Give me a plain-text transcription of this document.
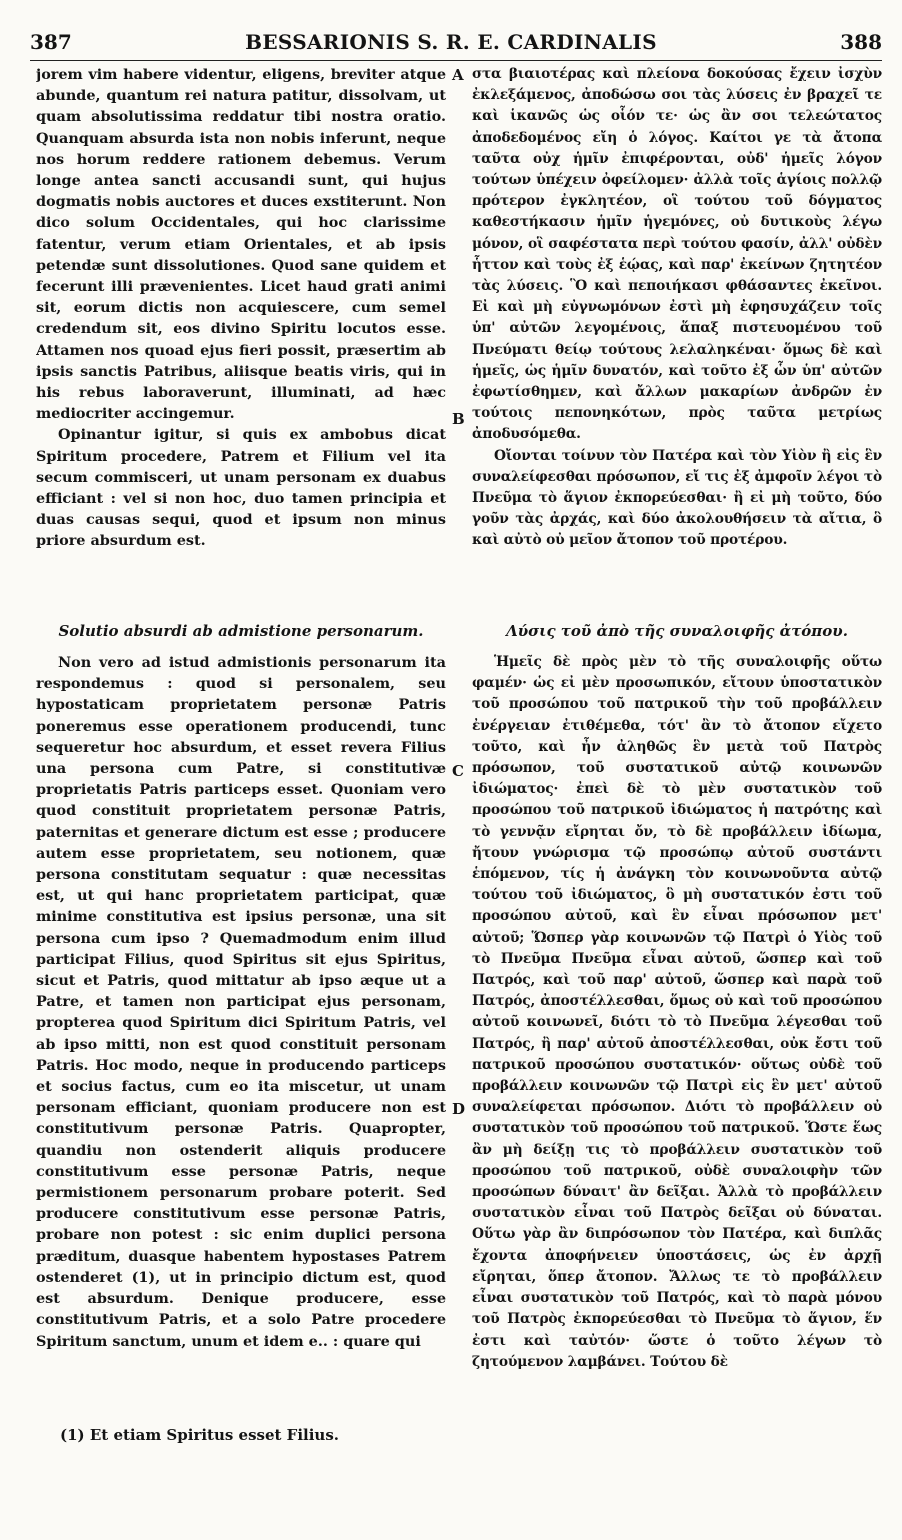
387	BESSARIONIS S. R. E. CARDINALIS	388
A
B
C
D

jorem vim habere videntur, eligens, breviter atque abunde, quantum rei natura patitur, dissolvam, ut quam absolutissima reddatur tibi nostra oratio. Quanquam absurda ista non nobis inferunt, neque nos horum reddere rationem debemus. Verum longe antea sancti accusandi sunt, qui hujus dogmatis nobis auctores et duces exstiterunt. Non dico solum Occidentales, qui hoc clarissime fatentur, verum etiam Orientales, et ab ipsis petendæ sunt dissolutiones. Quod sane quidem et fecerunt illi prævenientes. Licet haud grati animi sit, eorum dictis non acquiescere, cum semel credendum sit, eos divino Spiritu locutos esse. Attamen nos quoad ejus fieri possit, præsertim ab ipsis sanctis Patribus, aliisque beatis viris, qui in his rebus laboraverunt, illuminati, ad hæc mediocriter accingemur.

Opinantur igitur, si quis ex ambobus dicat Spiritum procedere, Patrem et Filium vel ita secum commisceri, ut unam personam ex duabus efficiant : vel si non hoc, duo tamen principia et duas causas sequi, quod et ipsum non minus priore absurdum est.

στα βιαιοτέρας καὶ πλείονα δοκούσας ἔχειν ἰσχὺν ἐκλεξάμενος, ἀποδώσω σοι τὰς λύσεις ἐν βραχεῖ τε καὶ ἱκανῶς ὡς οἷόν τε· ὡς ἂν σοι τελεώτατος ἀποδεδομένος εἴη ὁ λόγος. Καίτοι γε τὰ ἄτοπα ταῦτα οὐχ ἡμῖν ἐπιφέρονται, οὐδ' ἡμεῖς λόγον τούτων ὑπέχειν ὀφείλομεν· ἀλλὰ τοῖς ἁγίοις πολλῷ πρότερον ἐγκλητέον, οἳ τούτου τοῦ δόγματος καθεστήκασιν ἡμῖν ἡγεμόνες, οὐ δυτικοὺς λέγω μόνον, οἳ σαφέστατα περὶ τούτου φασίν, ἀλλ' οὐδὲν ἧττον καὶ τοὺς ἐξ ἑῴας, καὶ παρ' ἐκείνων ζητητέον τὰς λύσεις. Ὃ καὶ πεποιήκασι φθάσαντες ἐκεῖνοι. Εἰ καὶ μὴ εὐγνωμόνων ἐστὶ μὴ ἐφησυχάζειν τοῖς ὑπ' αὐτῶν λεγομένοις, ἅπαξ πιστευομένου τοῦ Πνεύματι θείῳ τούτους λελαληκέναι· ὅμως δὲ καὶ ἡμεῖς, ὡς ἡμῖν δυνατόν, καὶ τοῦτο ἐξ ὧν ὑπ' αὐτῶν ἐφωτίσθημεν, καὶ ἄλλων μακαρίων ἀνδρῶν ἐν τούτοις πεπονηκότων, πρὸς ταῦτα μετρίως ἀποδυσόμεθα.

Οἴονται τοίνυν τὸν Πατέρα καὶ τὸν Υἱὸν ἢ εἰς ἓν συναλείφεσθαι πρόσωπον, εἴ τις ἐξ ἀμφοῖν λέγοι τὸ Πνεῦμα τὸ ἅγιον ἐκπορεύεσθαι· ἢ εἰ μὴ τοῦτο, δύο γοῦν τὰς ἀρχάς, καὶ δύο ἀκολουθήσειν τὰ αἴτια, ὃ καὶ αὐτὸ οὐ μεῖον ἄτοπον τοῦ προτέρου.

Solutio absurdi ab admistione personarum.	Λύσις τοῦ ἀπὸ τῆς συναλοιφῆς ἀτόπου.

Non vero ad istud admistionis personarum ita respondemus : quod si personalem, seu hypostaticam proprietatem personæ Patris poneremus esse operationem producendi, tunc sequeretur hoc absurdum, et esset revera Filius una persona cum Patre, si constitutivæ proprietatis Patris particeps esset. Quoniam vero quod constituit proprietatem personæ Patris, paternitas et generare dictum est esse ; producere autem esse proprietatem, seu notionem, quæ persona constitutam sequatur : quæ necessitas est, ut qui hanc proprietatem participat, quæ minime constitutiva est ipsius personæ, una sit persona cum ipso ? Quemadmodum enim illud participat Filius, quod Spiritus sit ejus Spiritus, sicut et Patris, quod mittatur ab ipso æque ut a Patre, et tamen non participat ejus personam, propterea quod Spiritum dici Spiritum Patris, vel ab ipso mitti, non est quod constituit personam Patris. Hoc modo, neque in producendo particeps et socius factus, cum eo ita miscetur, ut unam personam efficiant, quoniam producere non est constitutivum personæ Patris. Quapropter, quandiu non ostenderit aliquis producere constitutivum esse personæ Patris, neque permistionem personarum probare poterit. Sed producere constitutivum esse personæ Patris, probare non potest : sic enim duplici persona præditum, duasque habentem hypostases Patrem ostenderet (1), ut in principio dictum est, quod est absurdum. Denique producere, esse constitutivum Patris, et a solo Patre procedere Spiritum sanctum, unum et idem e.. : quare qui

Ἡμεῖς δὲ πρὸς μὲν τὸ τῆς συναλοιφῆς οὕτω φαμέν· ὡς εἰ μὲν προσωπικόν, εἴτουν ὑποστατικὸν τοῦ προσώπου τοῦ πατρικοῦ τὴν τοῦ προβάλλειν ἐνέργειαν ἐτιθέμεθα, τότ' ἂν τὸ ἄτοπον εἴχετο τοῦτο, καὶ ἦν ἀληθῶς ἓν μετὰ τοῦ Πατρὸς πρόσωπον, τοῦ συστατικοῦ αὐτῷ κοινωνῶν ἰδιώματος· ἐπεὶ δὲ τὸ μὲν συστατικὸν τοῦ προσώπου τοῦ πατρικοῦ ἰδιώματος ἡ πατρότης καὶ τὸ γεννᾷν εἴρηται ὄν, τὸ δὲ προβάλλειν ἰδίωμα, ἤτουν γνώρισμα τῷ προσώπῳ αὐτοῦ συστάντι ἑπόμενον, τίς ἡ ἀνάγκη τὸν κοινωνοῦντα αὐτῷ τούτου τοῦ ἰδιώματος, ὃ μὴ συστατικόν ἐστι τοῦ προσώπου αὐτοῦ, καὶ ἓν εἶναι πρόσωπον μετ' αὐτοῦ; Ὥσπερ γὰρ κοινωνῶν τῷ Πατρὶ ὁ Υἱὸς τοῦ τὸ Πνεῦμα Πνεῦμα εἶναι αὐτοῦ, ὥσπερ καὶ τοῦ Πατρός, καὶ τοῦ παρ' αὐτοῦ, ὥσπερ καὶ παρὰ τοῦ Πατρός, ἀποστέλλεσθαι, ὅμως οὐ καὶ τοῦ προσώπου αὐτοῦ κοινωνεῖ, διότι τὸ τὸ Πνεῦμα λέγεσθαι τοῦ Πατρός, ἢ παρ' αὐτοῦ ἀποστέλλεσθαι, οὐκ ἔστι τοῦ πατρικοῦ προσώπου συστατικόν· οὕτως οὐδὲ τοῦ προβάλλειν κοινωνῶν τῷ Πατρὶ εἰς ἓν μετ' αὐτοῦ συναλείφεται πρόσωπον. Διότι τὸ προβάλλειν οὐ συστατικὸν τοῦ προσώπου τοῦ πατρικοῦ. Ὥστε ἕως ἂν μὴ δείξῃ τις τὸ προβάλλειν συστατικὸν τοῦ προσώπου τοῦ πατρικοῦ, οὐδὲ συναλοιφὴν τῶν προσώπων δύναιτ' ἂν δεῖξαι. Ἀλλὰ τὸ προβάλλειν συστατικὸν εἶναι τοῦ Πατρὸς δεῖξαι οὐ δύναται. Οὕτω γὰρ ἂν διπρόσωπον τὸν Πατέρα, καὶ διπλᾶς ἔχοντα ἀποφήνειεν ὑποστάσεις, ὡς ἐν ἀρχῇ εἴρηται, ὅπερ ἄτοπον. Ἄλλως τε τὸ προβάλλειν εἶναι συστατικὸν τοῦ Πατρός, καὶ τὸ παρὰ μόνου τοῦ Πατρὸς ἐκπορεύεσθαι τὸ Πνεῦμα τὸ ἅγιον, ἕν ἐστι καὶ ταὐτόν· ὥστε ὁ τοῦτο λέγων τὸ ζητούμενον λαμβάνει. Τούτου δὲ

(1) Et etiam Spiritus esset Filius.
